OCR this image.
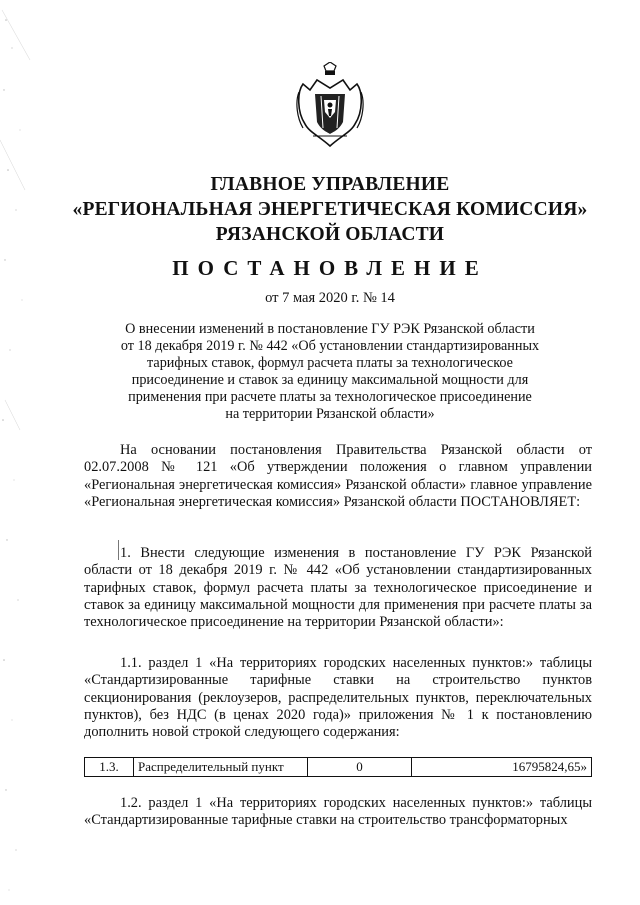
ГЛАВНОЕ УПРАВЛЕНИЕ
«РЕГИОНАЛЬНАЯ ЭНЕРГЕТИЧЕСКАЯ КОМИССИЯ»
РЯЗАНСКОЙ ОБЛАСТИ
ПОСТАНОВЛЕНИЕ
от 7 мая 2020 г. № 14
О внесении изменений в постановление ГУ РЭК Рязанской области
от 18 декабря 2019 г. № 442 «Об установлении стандартизированных
тарифных ставок, формул расчета платы за технологическое
присоединение и ставок за единицу максимальной мощности для
применения при расчете платы за технологическое присоединение
на территории Рязанской области»
На основании постановления Правительства Рязанской области от 02.07.2008 № 121 «Об утверждении положения о главном управлении «Региональная энергетическая комиссия» Рязанской области» главное управление «Региональная энергетическая комиссия» Рязанской области ПОСТАНОВЛЯЕТ:
1. Внести следующие изменения в постановление ГУ РЭК Рязанской области от 18 декабря 2019 г. № 442 «Об установлении стандартизированных тарифных ставок, формул расчета платы за технологическое присоединение и ставок за единицу максимальной мощности для применения при расчете платы за технологическое присоединение на территории Рязанской области»:
1.1. раздел 1 «На территориях городских населенных пунктов:» таблицы «Стандартизированные тарифные ставки на строительство пунктов секционирования (реклоузеров, распределительных пунктов, переключательных пунктов), без НДС (в ценах 2020 года)» приложения № 1 к постановлению дополнить новой строкой следующего содержания:
1.3.	Распределительный пункт	0	16795824,65»
1.2. раздел 1 «На территориях городских населенных пунктов:» таблицы «Стандартизированные тарифные ставки на строительство трансформаторных
